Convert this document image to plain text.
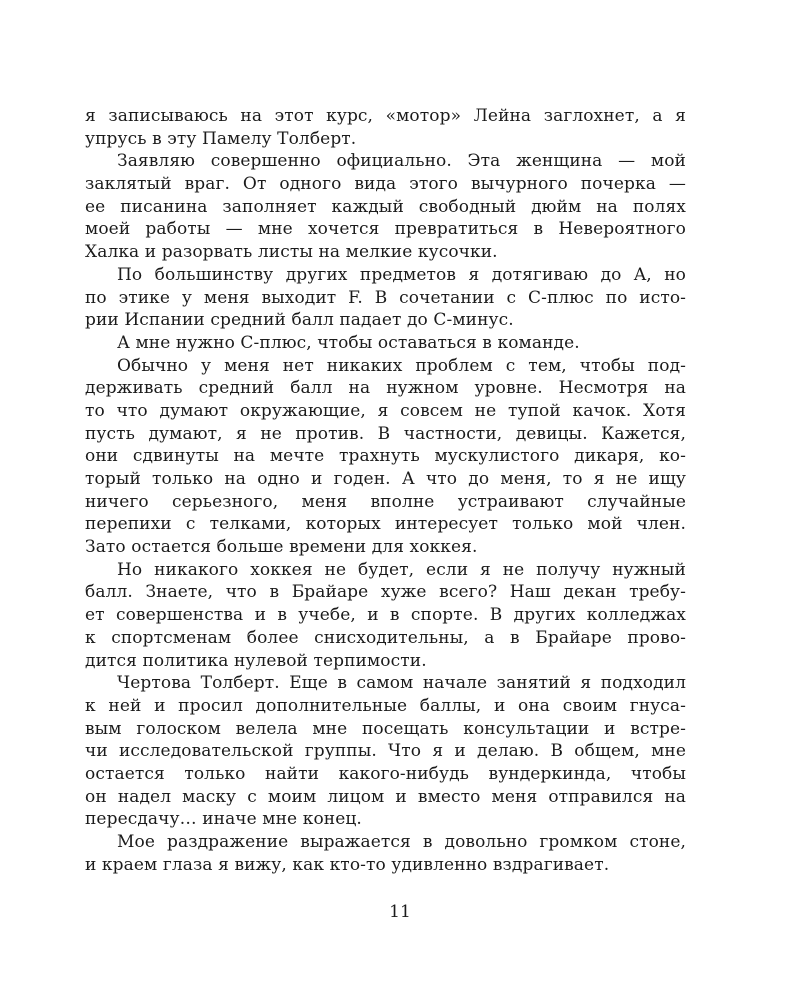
я записываюсь на этот курс, «мотор» Лейна заглохнет, а я
упрусь в эту Памелу Толберт.
Заявляю совершенно официально. Эта женщина — мой
заклятый враг. От одного вида этого вычурного почерка —
ее писанина заполняет каждый свободный дюйм на полях
моей работы — мне хочется превратиться в Невероятного
Халка и разорвать листы на мелкие кусочки.
По большинству других предметов я дотягиваю до A, но
по этике у меня выходит F. В сочетании с C-плюс по исто-
рии Испании средний балл падает до C-минус.
А мне нужно C-плюс, чтобы оставаться в команде.
Обычно у меня нет никаких проблем с тем, чтобы под-
держивать средний балл на нужном уровне. Несмотря на
то что думают окружающие, я совсем не тупой качок. Хотя
пусть думают, я не против. В частности, девицы. Кажется,
они сдвинуты на мечте трахнуть мускулистого дикаря, ко-
торый только на одно и годен. А что до меня, то я не ищу
ничего серьезного, меня вполне устраивают случайные
перепихи с телками, которых интересует только мой член.
Зато остается больше времени для хоккея.
Но никакого хоккея не будет, если я не получу нужный
балл. Знаете, что в Брайаре хуже всего? Наш декан требу-
ет совершенства и в учебе, и в спорте. В других колледжах
к спортсменам более снисходительны, а в Брайаре прово-
дится политика нулевой терпимости.
Чертова Толберт. Еще в самом начале занятий я подходил
к ней и просил дополнительные баллы, и она своим гнуса-
вым голоском велела мне посещать консультации и встре-
чи исследовательской группы. Что я и делаю. В общем, мне
остается только найти какого-нибудь вундеркинда, чтобы
он надел маску с моим лицом и вместо меня отправился на
пересдачу… иначе мне конец.
Мое раздражение выражается в довольно громком стоне,
и краем глаза я вижу, как кто-то удивленно вздрагивает.
11
